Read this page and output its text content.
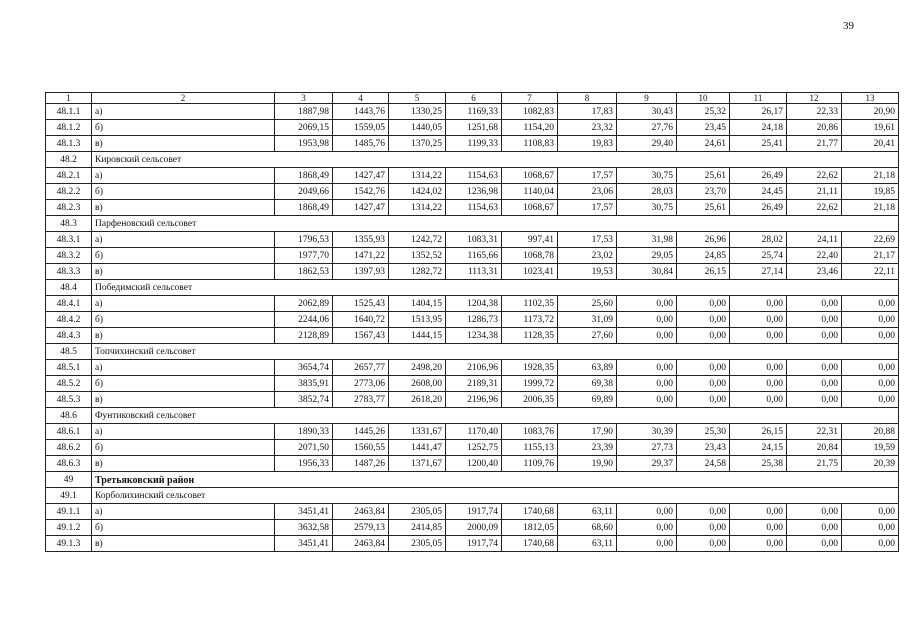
39
1	2	3	4	5	6	7	8	9	10	11	12	13
48.1.1	а)	1887,98	1443,76	1330,25	1169,33	1082,83	17,83	30,43	25,32	26,17	22,33	20,90
48.1.2	б)	2069,15	1559,05	1440,05	1251,68	1154,20	23,32	27,76	23,45	24,18	20,86	19,61
48.1.3	в)	1953,98	1485,76	1370,25	1199,33	1108,83	19,83	29,40	24,61	25,41	21,77	20,41
48.2	Кировский сельсовет											
48.2.1	а)	1868,49	1427,47	1314,22	1154,63	1068,67	17,57	30,75	25,61	26,49	22,62	21,18
48.2.2	б)	2049,66	1542,76	1424,02	1236,98	1140,04	23,06	28,03	23,70	24,45	21,11	19,85
48.2.3	в)	1868,49	1427,47	1314,22	1154,63	1068,67	17,57	30,75	25,61	26,49	22,62	21,18
48.3	Парфеновский сельсовет											
48.3.1	а)	1796,53	1355,93	1242,72	1083,31	997,41	17,53	31,98	26,96	28,02	24,11	22,69
48.3.2	б)	1977,70	1471,22	1352,52	1165,66	1068,78	23,02	29,05	24,85	25,74	22,40	21,17
48.3.3	в)	1862,53	1397,93	1282,72	1113,31	1023,41	19,53	30,84	26,15	27,14	23,46	22,11
48.4	Победимский сельсовет											
48.4.1	а)	2062,89	1525,43	1404,15	1204,38	1102,35	25,60	0,00	0,00	0,00	0,00	0,00
48.4.2	б)	2244,06	1640,72	1513,95	1286,73	1173,72	31,09	0,00	0,00	0,00	0,00	0,00
48.4.3	в)	2128,89	1567,43	1444,15	1234,38	1128,35	27,60	0,00	0,00	0,00	0,00	0,00
48.5	Топчихинский сельсовет											
48.5.1	а)	3654,74	2657,77	2498,20	2106,96	1928,35	63,89	0,00	0,00	0,00	0,00	0,00
48.5.2	б)	3835,91	2773,06	2608,00	2189,31	1999,72	69,38	0,00	0,00	0,00	0,00	0,00
48.5.3	в)	3852,74	2783,77	2618,20	2196,96	2006,35	69,89	0,00	0,00	0,00	0,00	0,00
48.6	Фунтиковский сельсовет											
48.6.1	а)	1890,33	1445,26	1331,67	1170,40	1083,76	17,90	30,39	25,30	26,15	22,31	20,88
48.6.2	б)	2071,50	1560,55	1441,47	1252,75	1155,13	23,39	27,73	23,43	24,15	20,84	19,59
48.6.3	в)	1956,33	1487,26	1371,67	1200,40	1109,76	19,90	29,37	24,58	25,38	21,75	20,39
49	Третьяковский район											
49.1	Корболихинский сельсовет											
49.1.1	а)	3451,41	2463,84	2305,05	1917,74	1740,68	63,11	0,00	0,00	0,00	0,00	0,00
49.1.2	б)	3632,58	2579,13	2414,85	2000,09	1812,05	68,60	0,00	0,00	0,00	0,00	0,00
49.1.3	в)	3451,41	2463,84	2305,05	1917,74	1740,68	63,11	0,00	0,00	0,00	0,00	0,00
